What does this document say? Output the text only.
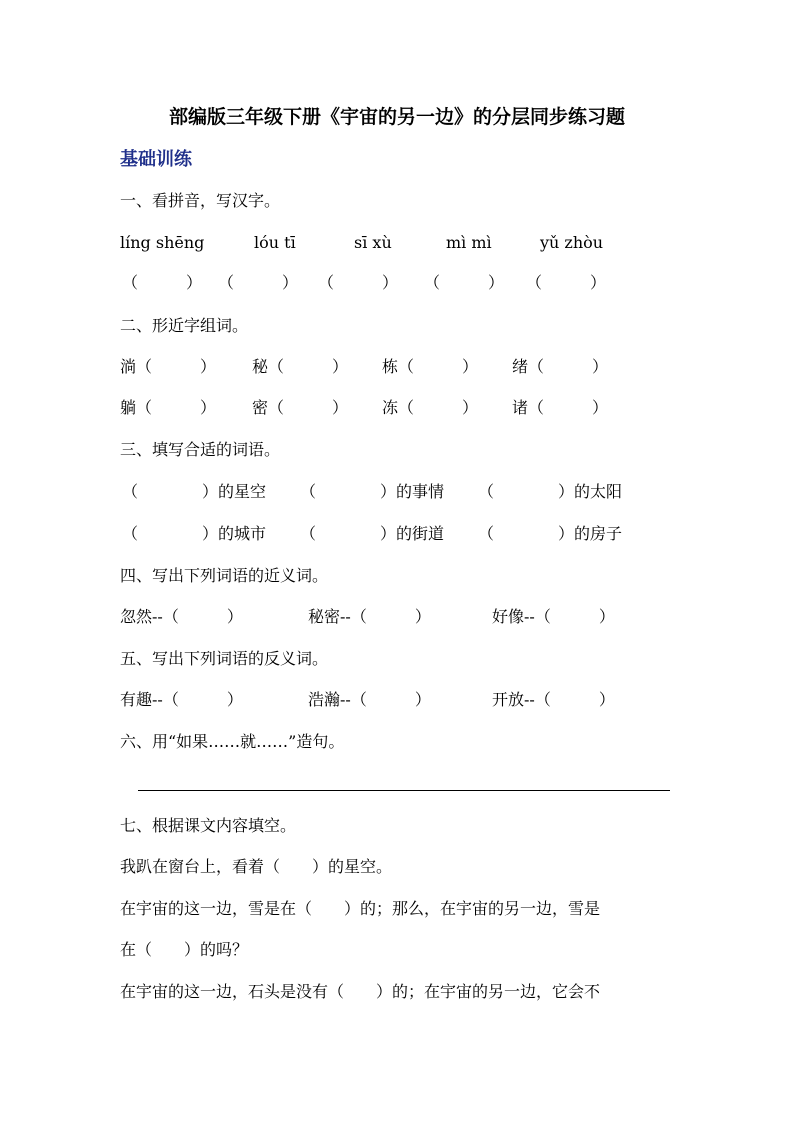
部编版三年级下册《宇宙的另一边》的分层同步练习题
基础训练
一、看拼音，写汉字。
líng shēng	lóu tī	sī xù	mì mì	yǔ zhòu
（　　　） （　　　） （　　　） （　　　） （　　　）
二、形近字组词。
淌（　　　） 秘（　　　） 栋（　　　） 绪（　　　）
躺（　　　） 密（　　　） 冻（　　　） 诸（　　　）
三、填写合适的词语。
（　　　　）的星空 （　　　　）的事情 （　　　　）的太阳
（　　　　）的城市 （　　　　）的街道 （　　　　）的房子
四、写出下列词语的近义词。
忽然--（　　　）	秘密--（　　　）	好像--（　　　）
五、写出下列词语的反义词。
有趣--（　　　）	浩瀚--（　　　）	开放--（　　　）
六、用“如果……就……”造句。
七、根据课文内容填空。
我趴在窗台上，看着（　　）的星空。
在宇宙的这一边，雪是在（　　）的；那么，在宇宙的另一边，雪是
在（　　）的吗？
在宇宙的这一边，石头是没有（　　）的；在宇宙的另一边，它会不
